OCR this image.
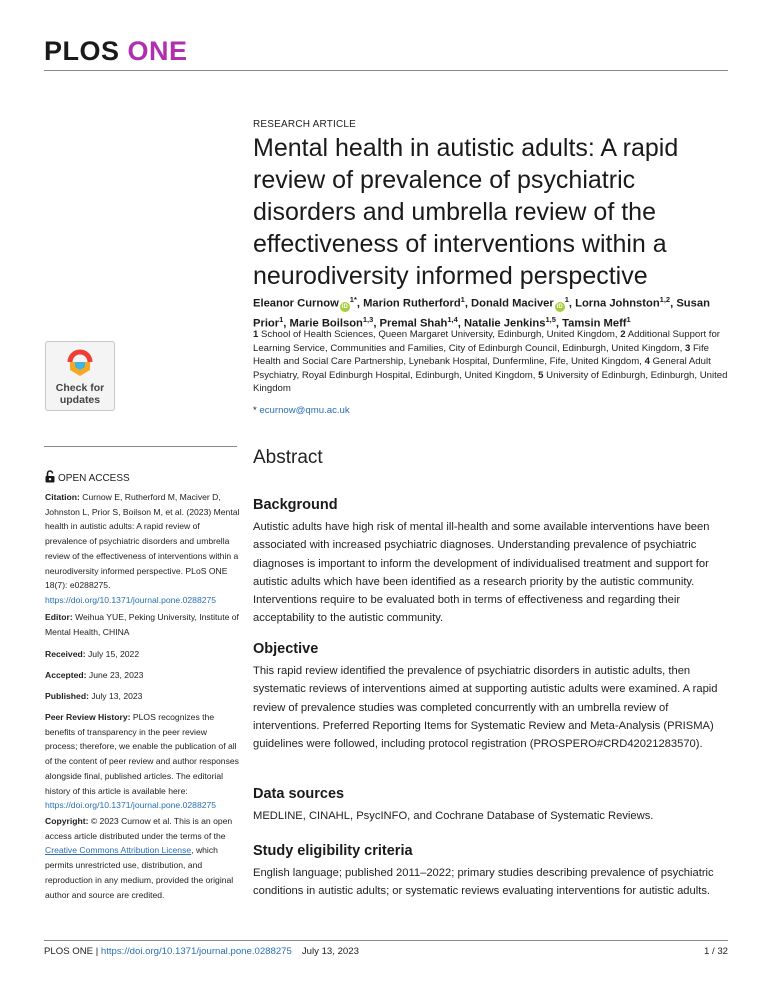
PLOS ONE
Check for
updates
OPEN ACCESS
Citation: Curnow E, Rutherford M, Maciver D, Johnston L, Prior S, Boilson M, et al. (2023) Mental health in autistic adults: A rapid review of prevalence of psychiatric disorders and umbrella review of the effectiveness of interventions within a neurodiversity informed perspective. PLoS ONE 18(7): e0288275. https://doi.org/10.1371/journal.pone.0288275
Editor: Weihua YUE, Peking University, Institute of Mental Health, CHINA
Received: July 15, 2022
Accepted: June 23, 2023
Published: July 13, 2023
Peer Review History: PLOS recognizes the benefits of transparency in the peer review process; therefore, we enable the publication of all of the content of peer review and author responses alongside final, published articles. The editorial history of this article is available here: https://doi.org/10.1371/journal.pone.0288275
Copyright: © 2023 Curnow et al. This is an open access article distributed under the terms of the Creative Commons Attribution License, which permits unrestricted use, distribution, and reproduction in any medium, provided the original author and source are credited.
RESEARCH ARTICLE
Mental health in autistic adults: A rapid review of prevalence of psychiatric disorders and umbrella review of the effectiveness of interventions within a neurodiversity informed perspective
Eleanor Curnow $iD^{1*}$, Marion Rutherford$^1$, Donald Maciver $iD^1$, Lorna Johnston$^{1,2}$, Susan Prior$^1$, Marie Boilson$^{1,3}$, Premal Shah$^{1,4}$, Natalie Jenkins$^{1,5}$, Tamsin Meff$^1$
1 School of Health Sciences, Queen Margaret University, Edinburgh, United Kingdom, 2 Additional Support for Learning Service, Communities and Families, City of Edinburgh Council, Edinburgh, United Kingdom, 3 Fife Health and Social Care Partnership, Lynebank Hospital, Dunfermline, Fife, United Kingdom, 4 General Adult Psychiatry, Royal Edinburgh Hospital, Edinburgh, United Kingdom, 5 University of Edinburgh, Edinburgh, United Kingdom
* ecurnow@qmu.ac.uk
Abstract
Background
Autistic adults have high risk of mental ill-health and some available interventions have been associated with increased psychiatric diagnoses. Understanding prevalence of psychiatric diagnoses is important to inform the development of individualised treatment and support for autistic adults which have been identified as a research priority by the autistic community. Interventions require to be evaluated both in terms of effectiveness and regarding their acceptability to the autistic community.
Objective
This rapid review identified the prevalence of psychiatric disorders in autistic adults, then systematic reviews of interventions aimed at supporting autistic adults were examined. A rapid review of prevalence studies was completed concurrently with an umbrella review of interventions. Preferred Reporting Items for Systematic Review and Meta-Analysis (PRISMA) guidelines were followed, including protocol registration (PROSPERO#CRD42021283570).
Data sources
MEDLINE, CINAHL, PsycINFO, and Cochrane Database of Systematic Reviews.
Study eligibility criteria
English language; published 2011–2022; primary studies describing prevalence of psychiatric conditions in autistic adults; or systematic reviews evaluating interventions for autistic adults.
PLOS ONE | https://doi.org/10.1371/journal.pone.0288275 July 13, 2023	1 / 32
